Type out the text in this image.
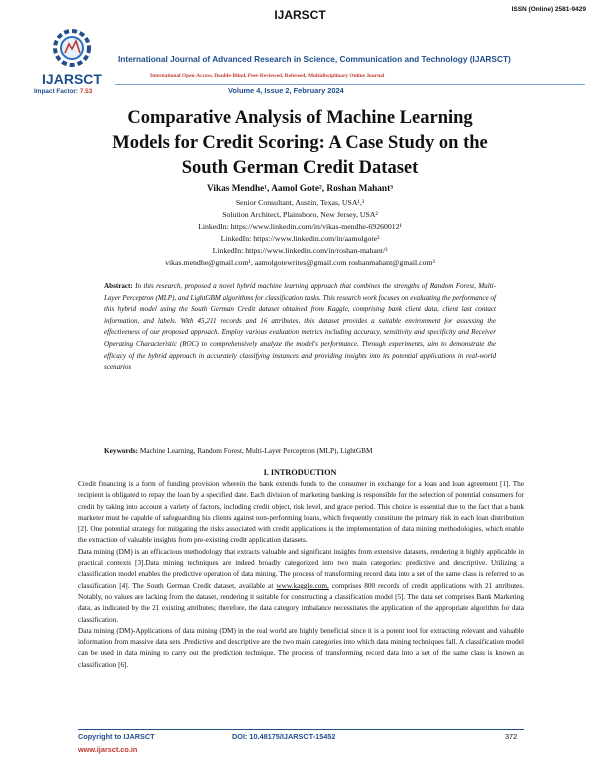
IJARSCT	ISSN (Online) 2581-9429
IJARSCT
International Journal of Advanced Research in Science, Communication and Technology (IJARSCT)
International Open-Access, Double-Blind, Peer-Reviewed, Refereed, Multidisciplinary Online Journal
Impact Factor: 7.53	Volume 4, Issue 2, February 2024
Comparative Analysis of Machine Learning
Models for Credit Scoring: A Case Study on the
South German Credit Dataset
Vikas Mendhe¹, Aamol Gote², Roshan Mahant³
Senior Consultant, Austin, Texas, USA¹,³
Solution Architect, Plainsboro, New Jersey, USA²
LinkedIn: https://www.linkedin.com/in/vikas-mendhe-69260012¹
LinkedIn: https://www.linkedin.com/in/aamolgote²
LinkedIn: https://www.linkedin.com/in/roshan-mahant/³
vikas.mendhe@gmail.com¹, aamolgotewrites@gmail.com roshanmahant@gmail.com³
Abstract: In this research, proposed a novel hybrid machine learning approach that combines the strengths of Random Forest, Multi-Layer Perceptron (MLP), and LightGBM algorithms for classification tasks. This research work focuses on evaluating the performance of this hybrid model using the South German Credit dataset obtained from Kaggle, comprising bank client data, client last contact information, and labels. With 45,211 records and 16 attributes, this dataset provides a suitable environment for assessing the effectiveness of our proposed approach. Employ various evaluation metrics including accuracy, sensitivity and specificity and Receiver Operating Characteristic (ROC) to comprehensively analyze the model's performance. Through experiments, aim to demonstrate the efficacy of the hybrid approach in accurately classifying instances and providing insights into its potential applications in real-world scenarios
Keywords: Machine Learning, Random Forest, Multi-Layer Perceptron (MLP), LightGBM
I. INTRODUCTION

Credit financing is a form of funding provision wherein the bank extends funds to the consumer in exchange for a loan and loan agreement [1]. The recipient is obligated to repay the loan by a specified date. Each division of marketing banking is responsible for the selection of potential consumers for credit by taking into account a variety of factors, including credit object, risk level, and grace period. This choice is essential due to the fact that a bank marketer must be capable of safeguarding his clients against non-performing loans, which frequently constitute the primary risk in each loan distribution [2]. One potential strategy for mitigating the risks associated with credit applications is the implementation of data mining methodologies, which enable the extraction of valuable insights from pre-existing credit application datasets.

Data mining (DM) is an efficacious methodology that extracts valuable and significant insights from extensive datasets, rendering it highly applicable in practical contexts [3].Data mining techniques are indeed broadly categorized into two main categories: predictive and descriptive. Utilizing a classification model enables the predictive operation of data mining. The process of transforming record data into a set of the same class is referred to as classification [4]. The South German Credit dataset, available at www.kaggle.com, comprises 800 records of credit applications with 21 attributes. Notably, no values are lacking from the dataset, rendering it suitable for constructing a classification model [5]. The data set comprises Bank Marketing data, as indicated by the 21 existing attributes; therefore, the data category imbalance necessitates the application of the appropriate algorithm for data classification.

Data mining (DM)-Applications of data mining (DM) in the real world are highly beneficial since it is a potent tool for extracting relevant and valuable information from massive data sets .Predictive and descriptive are the two main categories into which data mining techniques fall. A classification model can be used in data mining to carry out the prediction technique. The process of transforming record data into a set of the same class is known as classification [6].

Copyright to IJARSCT
www.ijarsct.co.in
DOI: 10.48175/IJARSCT-15452	372
